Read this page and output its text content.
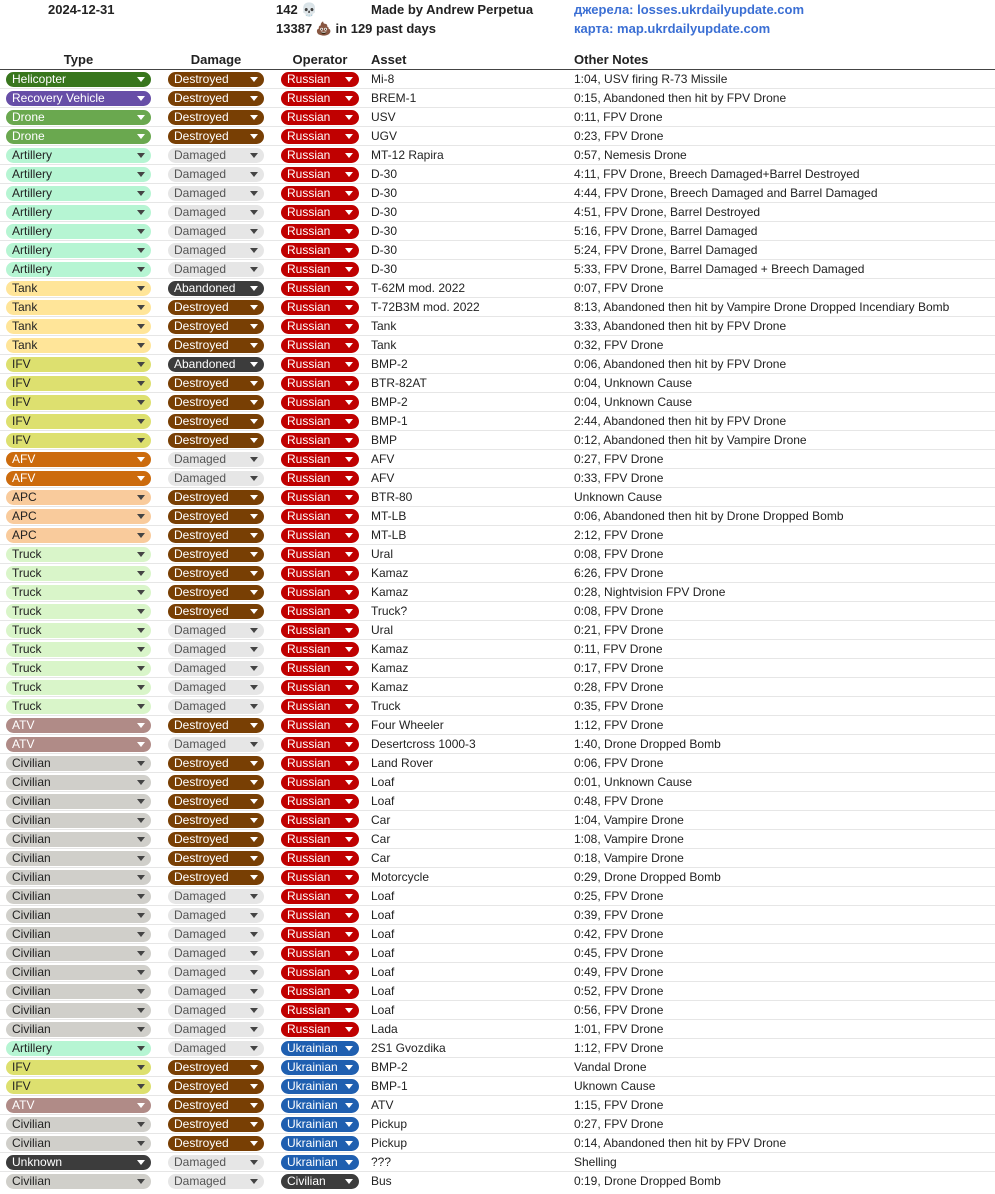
2024-12-31	142 💀
13387 💩 in 129 past days
Made by Andrew Perpetua	джерела: losses.ukrdailyupdate.com
карта: map.ukrdailyupdate.com
Type	Damage	Operator	Asset	Other Notes
Helicopter	Destroyed	Russian	Mi-8	1:04, USV firing R-73 Missile
Recovery Vehicle	Destroyed	Russian	BREM-1	0:15, Abandoned then hit by FPV Drone
Drone	Destroyed	Russian	USV	0:11, FPV Drone
Drone	Destroyed	Russian	UGV	0:23, FPV Drone
Artillery	Damaged	Russian	MT-12 Rapira	0:57, Nemesis Drone
Artillery	Damaged	Russian	D-30	4:11, FPV Drone, Breech Damaged+Barrel Destroyed
Artillery	Damaged	Russian	D-30	4:44, FPV Drone, Breech Damaged and Barrel Damaged
Artillery	Damaged	Russian	D-30	4:51, FPV Drone, Barrel Destroyed
Artillery	Damaged	Russian	D-30	5:16, FPV Drone, Barrel Damaged
Artillery	Damaged	Russian	D-30	5:24, FPV Drone, Barrel Damaged
Artillery	Damaged	Russian	D-30	5:33, FPV Drone, Barrel Damaged + Breech Damaged
Tank	Abandoned	Russian	T-62M mod. 2022	0:07, FPV Drone
Tank	Destroyed	Russian	T-72B3M mod. 2022	8:13, Abandoned then hit by Vampire Drone Dropped Incendiary Bomb
Tank	Destroyed	Russian	Tank	3:33, Abandoned then hit by FPV Drone
Tank	Destroyed	Russian	Tank	0:32, FPV Drone
IFV	Abandoned	Russian	BMP-2	0:06, Abandoned then hit by FPV Drone
IFV	Destroyed	Russian	BTR-82AT	0:04, Unknown Cause
IFV	Destroyed	Russian	BMP-2	0:04, Unknown Cause
IFV	Destroyed	Russian	BMP-1	2:44, Abandoned then hit by FPV Drone
IFV	Destroyed	Russian	BMP	0:12, Abandoned then hit by Vampire Drone
AFV	Damaged	Russian	AFV	0:27, FPV Drone
AFV	Damaged	Russian	AFV	0:33, FPV Drone
APC	Destroyed	Russian	BTR-80	Unknown Cause
APC	Destroyed	Russian	MT-LB	0:06, Abandoned then hit by Drone Dropped Bomb
APC	Destroyed	Russian	MT-LB	2:12, FPV Drone
Truck	Destroyed	Russian	Ural	0:08, FPV Drone
Truck	Destroyed	Russian	Kamaz	6:26, FPV Drone
Truck	Destroyed	Russian	Kamaz	0:28, Nightvision FPV Drone
Truck	Destroyed	Russian	Truck?	0:08, FPV Drone
Truck	Damaged	Russian	Ural	0:21, FPV Drone
Truck	Damaged	Russian	Kamaz	0:11, FPV Drone
Truck	Damaged	Russian	Kamaz	0:17, FPV Drone
Truck	Damaged	Russian	Kamaz	0:28, FPV Drone
Truck	Damaged	Russian	Truck	0:35, FPV Drone
ATV	Destroyed	Russian	Four Wheeler	1:12, FPV Drone
ATV	Damaged	Russian	Desertcross 1000-3	1:40, Drone Dropped Bomb
Civilian	Destroyed	Russian	Land Rover	0:06, FPV Drone
Civilian	Destroyed	Russian	Loaf	0:01, Unknown Cause
Civilian	Destroyed	Russian	Loaf	0:48, FPV Drone
Civilian	Destroyed	Russian	Car	1:04, Vampire Drone
Civilian	Destroyed	Russian	Car	1:08, Vampire Drone
Civilian	Destroyed	Russian	Car	0:18, Vampire Drone
Civilian	Destroyed	Russian	Motorcycle	0:29, Drone Dropped Bomb
Civilian	Damaged	Russian	Loaf	0:25, FPV Drone
Civilian	Damaged	Russian	Loaf	0:39, FPV Drone
Civilian	Damaged	Russian	Loaf	0:42, FPV Drone
Civilian	Damaged	Russian	Loaf	0:45, FPV Drone
Civilian	Damaged	Russian	Loaf	0:49, FPV Drone
Civilian	Damaged	Russian	Loaf	0:52, FPV Drone
Civilian	Damaged	Russian	Loaf	0:56, FPV Drone
Civilian	Damaged	Russian	Lada	1:01, FPV Drone
Artillery	Damaged	Ukrainian	2S1 Gvozdika	1:12, FPV Drone
IFV	Destroyed	Ukrainian	BMP-2	Vandal Drone
IFV	Destroyed	Ukrainian	BMP-1	Uknown Cause
ATV	Destroyed	Ukrainian	ATV	1:15, FPV Drone
Civilian	Destroyed	Ukrainian	Pickup	0:27, FPV Drone
Civilian	Destroyed	Ukrainian	Pickup	0:14, Abandoned then hit by FPV Drone
Unknown	Damaged	Ukrainian	???	Shelling
Civilian	Damaged	Civilian	Bus	0:19, Drone Dropped Bomb
